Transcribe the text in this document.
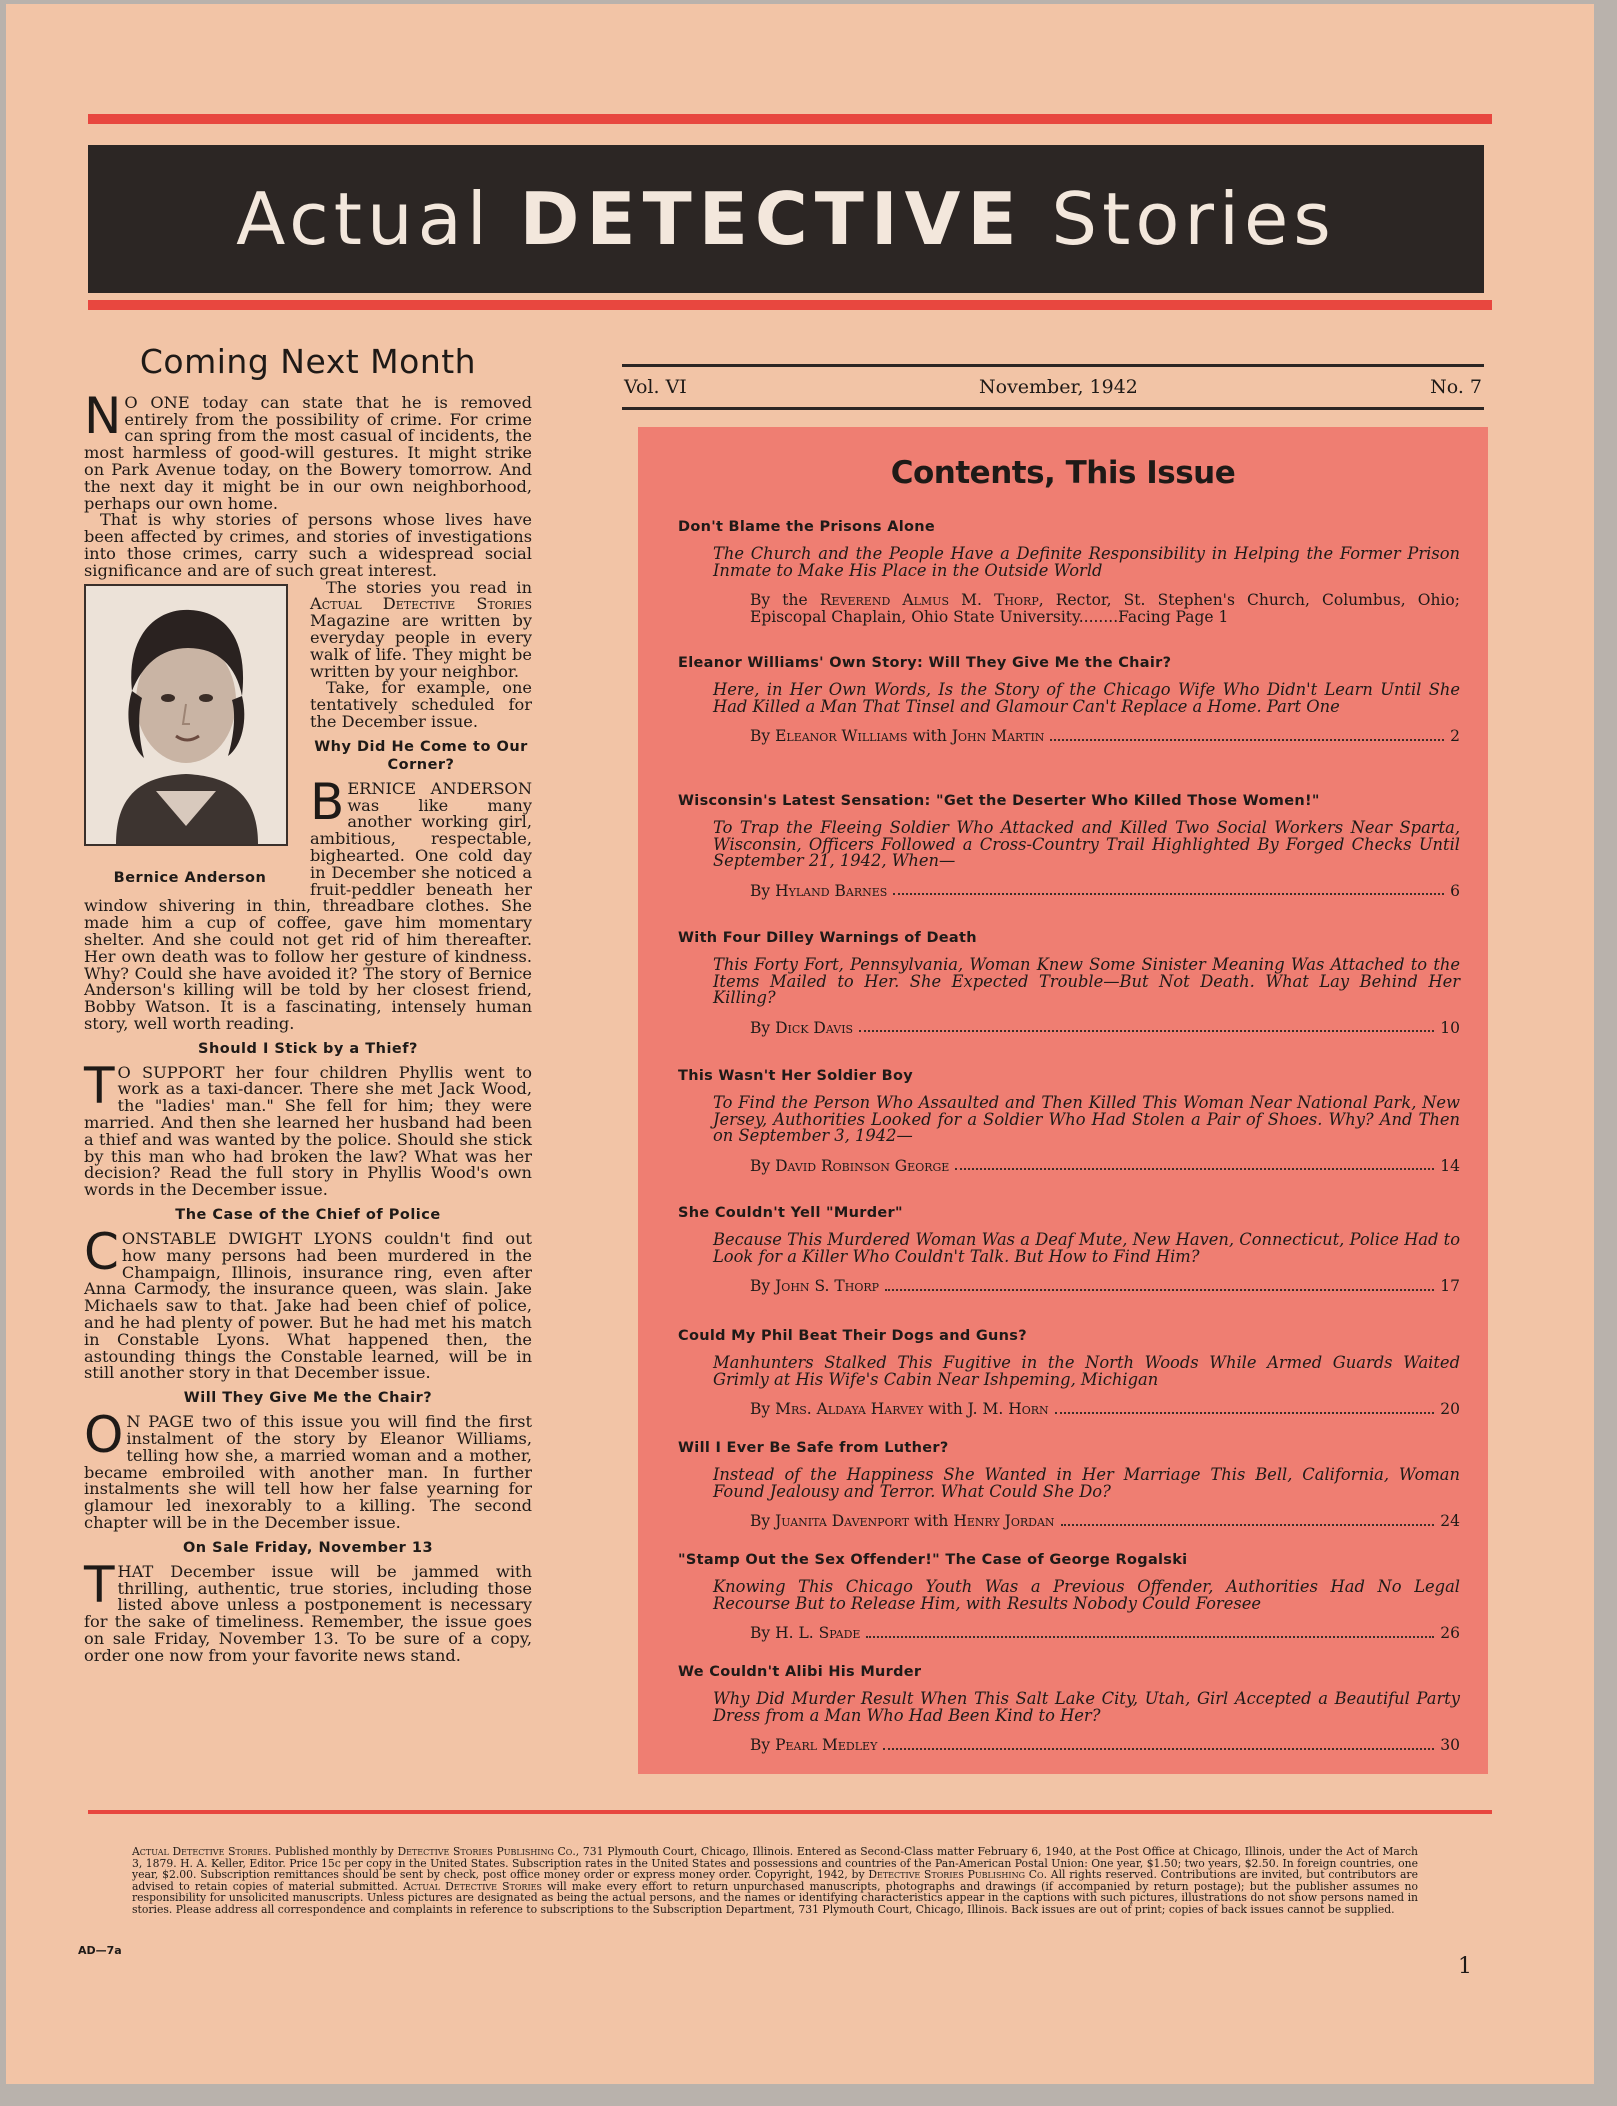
Actual DETECTIVE Stories
Coming Next Month

N O ONE today can state that he is removed entirely from the possibility of crime. For crime can spring from the most casual of incidents, the most harmless of good-will gestures. It might strike on Park Avenue today, on the Bowery tomorrow. And the next day it might be in our own neighborhood, perhaps our own home.

That is why stories of persons whose lives have been affected by crimes, and stories of investigations into those crimes, carry such a widespread social significance and are of such great interest.

Bernice Anderson

The stories you read in Actual Detective Stories Magazine are written by everyday people in every walk of life. They might be written by your neighbor.

Take, for example, one tentatively scheduled for the December issue.

Why Did He Come to Our Corner?

BERNICE ANDERSON was like many another working girl, ambitious, respectable, bighearted. One cold day in December she noticed a fruit-peddler beneath her window shivering in thin, threadbare clothes. She made him a cup of coffee, gave him momentary shelter. And she could not get rid of him thereafter. Her own death was to follow her gesture of kindness. Why? Could she have avoided it? The story of Bernice Anderson's killing will be told by her closest friend, Bobby Watson. It is a fascinating, intensely human story, well worth reading.

Should I Stick by a Thief?

T O SUPPORT her four children Phyllis went to work as a taxi-dancer. There she met Jack Wood, the "ladies' man." She fell for him; they were married. And then she learned her husband had been a thief and was wanted by the police. Should she stick by this man who had broken the law? What was her decision? Read the full story in Phyllis Wood's own words in the December issue.

The Case of the Chief of Police

CONSTABLE DWIGHT LYONS couldn't find out how many persons had been murdered in the Champaign, Illinois, insurance ring, even after Anna Carmody, the insurance queen, was slain. Jake Michaels saw to that. Jake had been chief of police, and he had plenty of power. But he had met his match in Constable Lyons. What happened then, the astounding things the Constable learned, will be in still another story in that December issue.

Will They Give Me the Chair?

O N PAGE two of this issue you will find the first instalment of the story by Eleanor Williams, telling how she, a married woman and a mother, became embroiled with another man. In further instalments she will tell how her false yearning for glamour led inexorably to a killing. The second chapter will be in the December issue.

On Sale Friday, November 13

THAT December issue will be jammed with thrilling, authentic, true stories, including those listed above unless a postponement is necessary for the sake of timeliness. Remember, the issue goes on sale Friday, November 13. To be sure of a copy, order one now from your favorite news stand.

Vol. VI	November, 1942	No. 7
Contents, This Issue
Don't Blame the Prisons Alone
The Church and the People Have a Definite Responsibility in Helping the Former Prison Inmate to Make His Place in the Outside World
By the Reverend Almus M. Thorp, Rector, St. Stephen's Church, Columbus, Ohio; Episcopal Chaplain, Ohio State University........Facing Page 1
Eleanor Williams' Own Story: Will They Give Me the Chair?
Here, in Her Own Words, Is the Story of the Chicago Wife Who Didn't Learn Until She Had Killed a Man That Tinsel and Glamour Can't Replace a Home. Part One
By Eleanor Williams with John Martin	2
Wisconsin's Latest Sensation: "Get the Deserter Who Killed Those Women!"
To Trap the Fleeing Soldier Who Attacked and Killed Two Social Workers Near Sparta, Wisconsin, Officers Followed a Cross-Country Trail Highlighted By Forged Checks Until September 21, 1942, When—
By Hyland Barnes	6
With Four Dilley Warnings of Death
This Forty Fort, Pennsylvania, Woman Knew Some Sinister Meaning Was Attached to the Items Mailed to Her. She Expected Trouble—But Not Death. What Lay Behind Her Killing?
By Dick Davis	10
This Wasn't Her Soldier Boy
To Find the Person Who Assaulted and Then Killed This Woman Near National Park, New Jersey, Authorities Looked for a Soldier Who Had Stolen a Pair of Shoes. Why? And Then on September 3, 1942—
By David Robinson George	14
She Couldn't Yell "Murder"
Because This Murdered Woman Was a Deaf Mute, New Haven, Connecticut, Police Had to Look for a Killer Who Couldn't Talk. But How to Find Him?
By John S. Thorp	17
Could My Phil Beat Their Dogs and Guns?
Manhunters Stalked This Fugitive in the North Woods While Armed Guards Waited Grimly at His Wife's Cabin Near Ishpeming, Michigan
By Mrs. Aldaya Harvey with J. M. Horn	20
Will I Ever Be Safe from Luther?
Instead of the Happiness She Wanted in Her Marriage This Bell, California, Woman Found Jealousy and Terror. What Could She Do?
By Juanita Davenport with Henry Jordan	24
"Stamp Out the Sex Offender!" The Case of George Rogalski
Knowing This Chicago Youth Was a Previous Offender, Authorities Had No Legal Recourse But to Release Him, with Results Nobody Could Foresee
By H. L. Spade	26
We Couldn't Alibi His Murder
Why Did Murder Result When This Salt Lake City, Utah, Girl Accepted a Beautiful Party Dress from a Man Who Had Been Kind to Her?
By Pearl Medley	30
Actual Detective Stories. Published monthly by Detective Stories Publishing Co., 731 Plymouth Court, Chicago, Illinois. Entered as Second-Class matter February 6, 1940, at the Post Office at Chicago, Illinois, under the Act of March 3, 1879. H. A. Keller, Editor. Price 15c per copy in the United States. Subscription rates in the United States and possessions and countries of the Pan-American Postal Union: One year, $1.50; two years, $2.50. In foreign countries, one year, $2.00. Subscription remittances should be sent by check, post office money order or express money order. Copyright, 1942, by Detective Stories Publishing Co. All rights reserved. Contributions are invited, but contributors are advised to retain copies of material submitted. Actual Detective Stories will make every effort to return unpurchased manuscripts, photographs and drawings (if accompanied by return postage); but the publisher assumes no responsibility for unsolicited manuscripts. Unless pictures are designated as being the actual persons, and the names or identifying characteristics appear in the captions with such pictures, illustrations do not show persons named in stories. Please address all correspondence and complaints in reference to subscriptions to the Subscription Department, 731 Plymouth Court, Chicago, Illinois. Back issues are out of print; copies of back issues cannot be supplied.
AD—7a
1
